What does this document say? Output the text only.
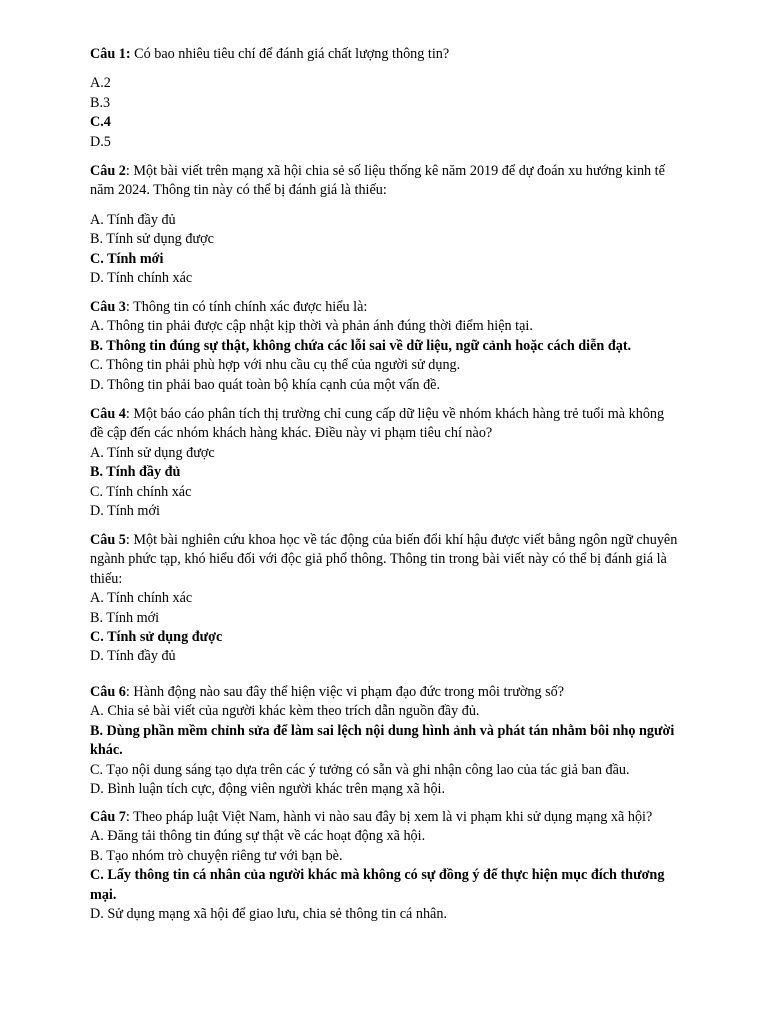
Câu 1: Có bao nhiêu tiêu chí để đánh giá chất lượng thông tin?

A.2

B.3

C.4

D.5

Câu 2: Một bài viết trên mạng xã hội chia sẻ số liệu thống kê năm 2019 để dự đoán xu hướng kinh tế năm 2024. Thông tin này có thể bị đánh giá là thiếu:

A. Tính đầy đủ

B. Tính sử dụng được

C. Tính mới

D. Tính chính xác

Câu 3: Thông tin có tính chính xác được hiểu là:

A. Thông tin phải được cập nhật kịp thời và phản ánh đúng thời điểm hiện tại.

B. Thông tin đúng sự thật, không chứa các lỗi sai về dữ liệu, ngữ cảnh hoặc cách diễn đạt.

C. Thông tin phải phù hợp với nhu cầu cụ thể của người sử dụng.

D. Thông tin phải bao quát toàn bộ khía cạnh của một vấn đề.

Câu 4: Một báo cáo phân tích thị trường chỉ cung cấp dữ liệu về nhóm khách hàng trẻ tuổi mà không đề cập đến các nhóm khách hàng khác. Điều này vi phạm tiêu chí nào?

A. Tính sử dụng được

B. Tính đầy đủ

C. Tính chính xác

D. Tính mới

Câu 5: Một bài nghiên cứu khoa học về tác động của biến đổi khí hậu được viết bằng ngôn ngữ chuyên ngành phức tạp, khó hiểu đối với độc giả phổ thông. Thông tin trong bài viết này có thể bị đánh giá là thiếu:

A. Tính chính xác

B. Tính mới

C. Tính sử dụng được

D. Tính đầy đủ

Câu 6: Hành động nào sau đây thể hiện việc vi phạm đạo đức trong môi trường số?

A. Chia sẻ bài viết của người khác kèm theo trích dẫn nguồn đầy đủ.

B. Dùng phần mềm chỉnh sửa để làm sai lệch nội dung hình ảnh và phát tán nhằm bôi nhọ người khác.

C. Tạo nội dung sáng tạo dựa trên các ý tưởng có sẵn và ghi nhận công lao của tác giả ban đầu.

D. Bình luận tích cực, động viên người khác trên mạng xã hội.

Câu 7: Theo pháp luật Việt Nam, hành vi nào sau đây bị xem là vi phạm khi sử dụng mạng xã hội?

A. Đăng tải thông tin đúng sự thật về các hoạt động xã hội.

B. Tạo nhóm trò chuyện riêng tư với bạn bè.

C. Lấy thông tin cá nhân của người khác mà không có sự đồng ý để thực hiện mục đích thương mại.

D. Sử dụng mạng xã hội để giao lưu, chia sẻ thông tin cá nhân.
